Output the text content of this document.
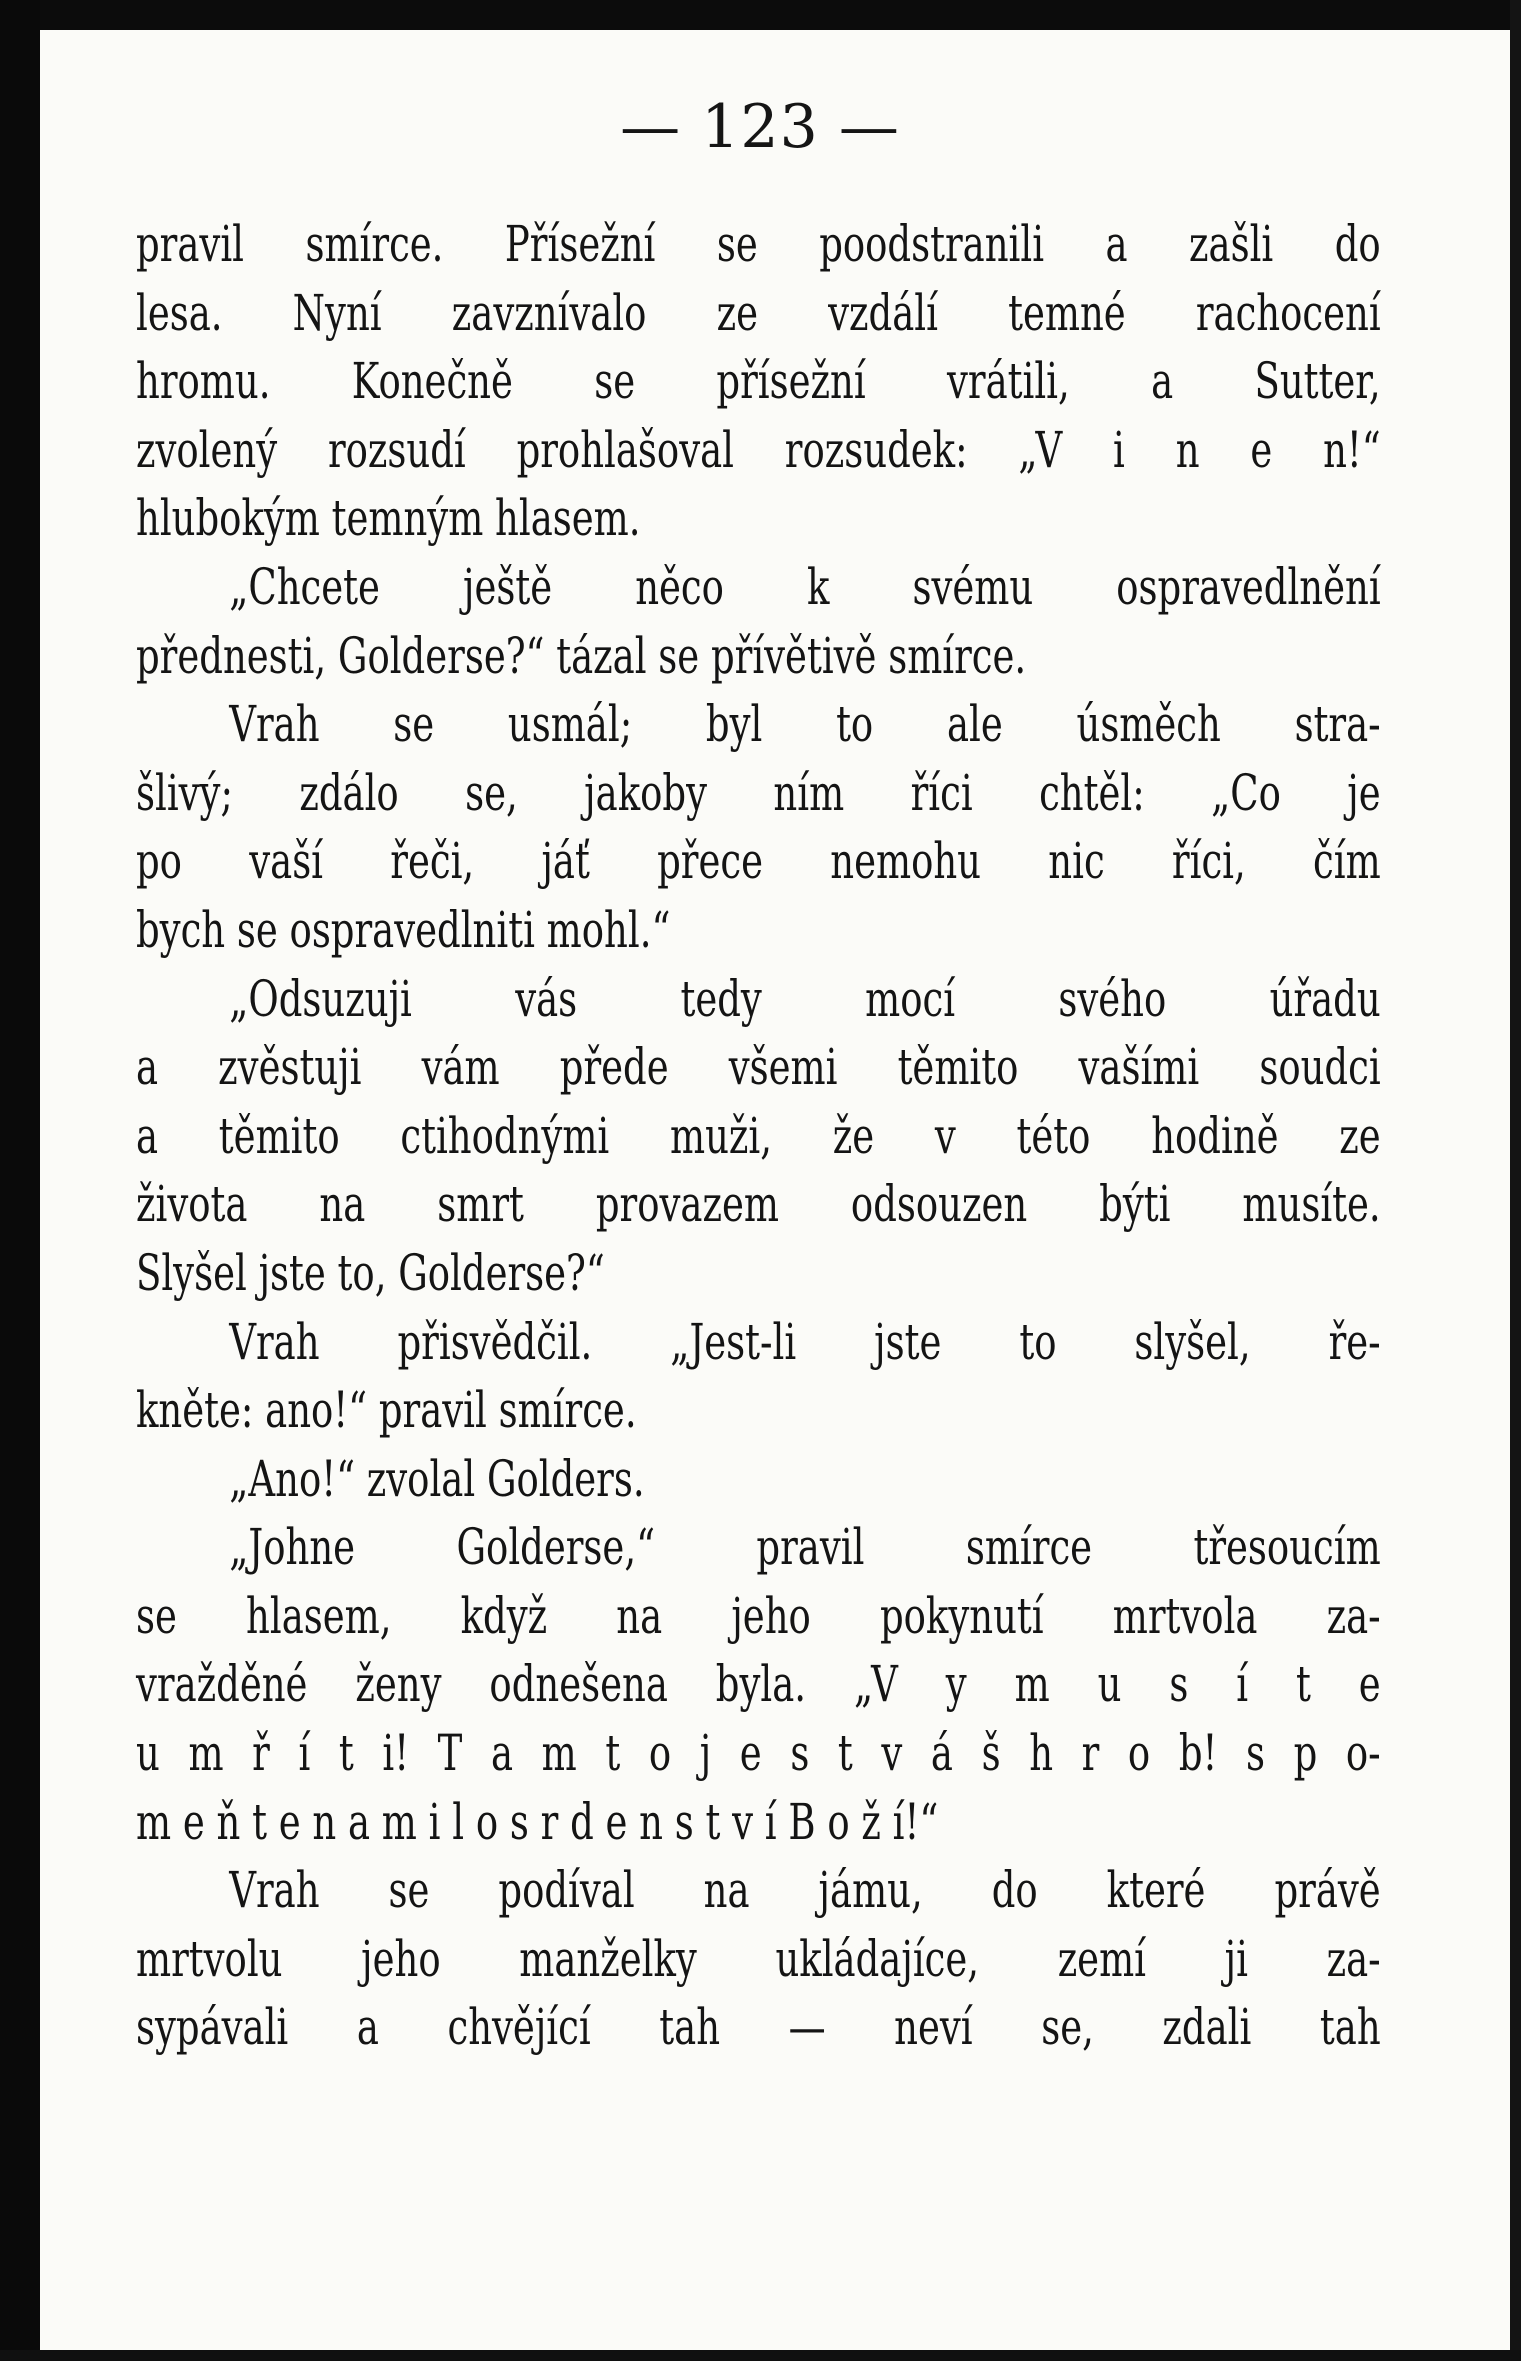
— 123 —
pravil smírce. Přísežní se poodstranili a zašli do
lesa. Nyní zavznívalo ze vzdálí temné rachocení
hromu. Konečně se přísežní vrátili, a Sutter,
zvolený rozsudí prohlašoval rozsudek: „V i n e n!“
hlubokým temným hlasem.
„Chcete ještě něco k svému ospravedlnění
přednesti, Golderse?“ tázal se přívětivě smírce.
Vrah se usmál; byl to ale úsměch stra-
šlivý; zdálo se, jakoby ním říci chtěl: „Co je
po vaší řeči, jáť přece nemohu nic říci, čím
bych se ospravedlniti mohl.“
„Odsuzuji vás tedy mocí svého úřadu
a zvěstuji vám přede všemi těmito vašími soudci
a těmito ctihodnými muži, že v této hodině ze
života na smrt provazem odsouzen býti musíte.
Slyšel jste to, Golderse?“
Vrah přisvědčil. „Jest-li jste to slyšel, ře-
kněte: ano!“ pravil smírce.
„Ano!“ zvolal Golders.
„Johne Golderse,“ pravil smírce třesoucím
se hlasem, když na jeho pokynutí mrtvola za-
vražděné ženy odnešena byla. „V y m u s í t e
u m ř í t i! T a m t o j e s t v á š h r o b! s p o-
m e ň t e n a m i l o s r d e n s t v í B o ž í!“
Vrah se podíval na jámu, do které právě
mrtvolu jeho manželky ukládajíce, zemí ji za-
sypávali a chvějící tah — neví se, zdali tah
